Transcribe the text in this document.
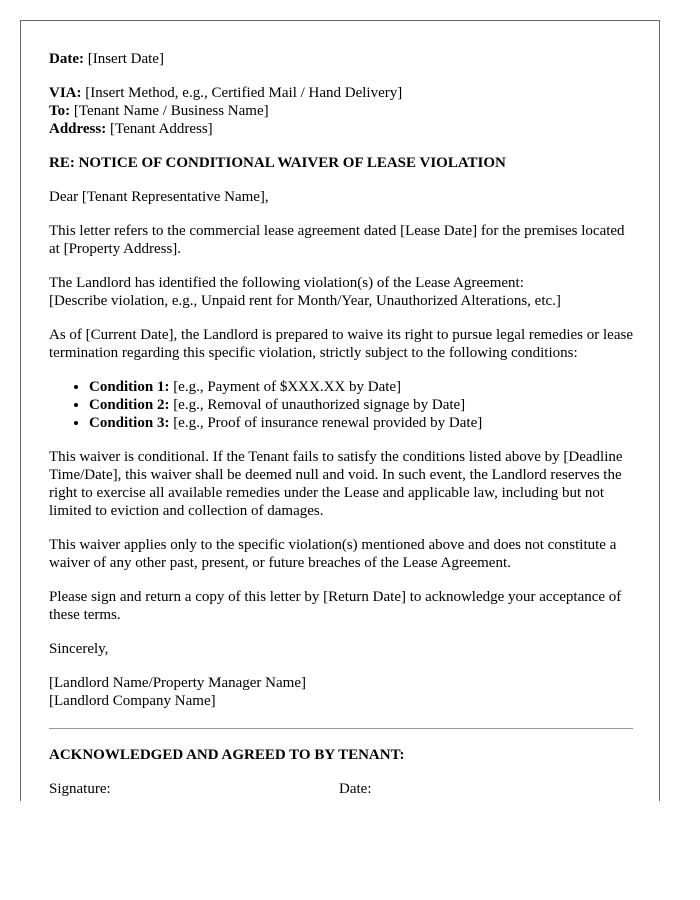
Date: [Insert Date]

VIA: [Insert Method, e.g., Certified Mail / Hand Delivery]

To: [Tenant Name / Business Name]

Address: [Tenant Address]

RE: NOTICE OF CONDITIONAL WAIVER OF LEASE VIOLATION

Dear [Tenant Representative Name],

This letter refers to the commercial lease agreement dated [Lease Date] for the premises located at [Property Address].

The Landlord has identified the following violation(s) of the Lease Agreement:
[Describe violation, e.g., Unpaid rent for Month/Year, Unauthorized Alterations, etc.]

As of [Current Date], the Landlord is prepared to waive its right to pursue legal remedies or lease termination regarding this specific violation, strictly subject to the following conditions:

• Condition 1: [e.g., Payment of $XXX.XX by Date]
• Condition 2: [e.g., Removal of unauthorized signage by Date]
• Condition 3: [e.g., Proof of insurance renewal provided by Date]

This waiver is conditional. If the Tenant fails to satisfy the conditions listed above by [Deadline Time/Date], this waiver shall be deemed null and void. In such event, the Landlord reserves the right to exercise all available remedies under the Lease and applicable law, including but not limited to eviction and collection of damages.

This waiver applies only to the specific violation(s) mentioned above and does not constitute a waiver of any other past, present, or future breaches of the Lease Agreement.

Please sign and return a copy of this letter by [Return Date] to acknowledge your acceptance of these terms.

Sincerely,

[Landlord Name/Property Manager Name]

[Landlord Company Name]

ACKNOWLEDGED AND AGREED TO BY TENANT:

Signature:	Date:
